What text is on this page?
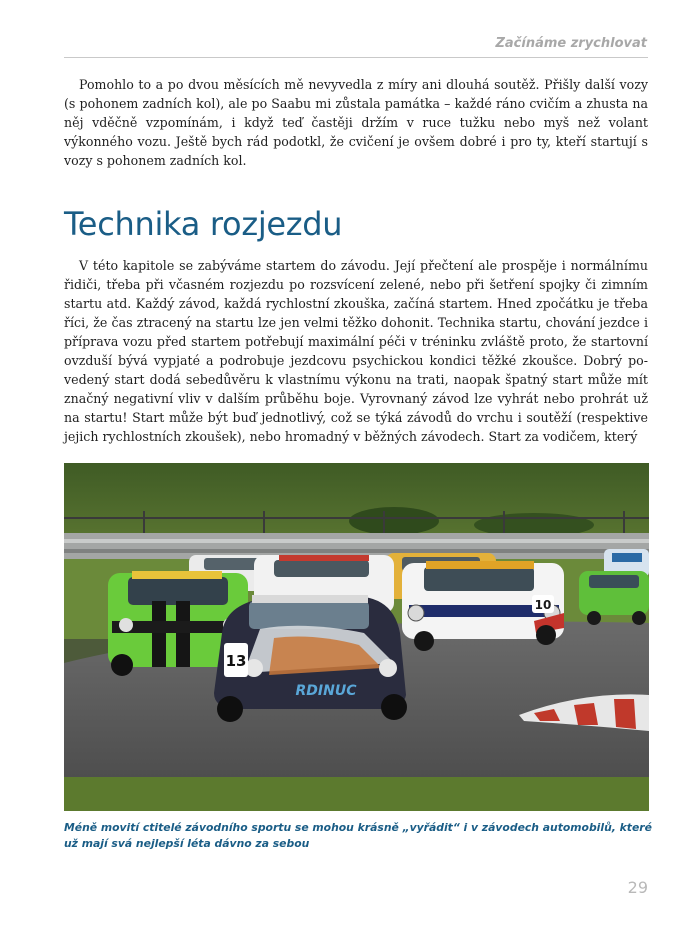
Začínáme zrychlovat

Pomohlo to a po dvou měsících mě nevyvedla z míry ani dlouhá soutěž. Přišly další vozy (s pohonem zadních kol), ale po Saabu mi zůstala památka – každé ráno cvičím a zhusta na něj vděčně vzpomínám, i když teď častěji držím v ruce tužku nebo myš než volant výkonného vozu. Ještě bych rád podotkl, že cvičení je ovšem dobré i pro ty, kteří startují s vozy s pohonem zadních kol.

Technika rozjezdu

V této kapitole se zabýváme startem do závodu. Její přečtení ale prospěje i normálnímu řidiči, třeba při včasném rozjezdu po rozsvícení zelené, nebo při šetření spojky či zimním startu atd. Každý závod, každá rychlostní zkouška, začíná startem. Hned zpočátku je třeba říci, že čas ztracený na startu lze jen velmi těžko dohonit. Technika startu, chování jezdce i příprava vozu před startem potřebují maximální péči v tréninku zvláště proto, že startovní ovzduší bývá vypjaté a podrobuje jezdcovu psychickou kondici těžké zkoušce. Dobrý povedený start dodá sebedůvěru k vlastnímu výkonu na trati, naopak špatný start může mít značný negativní vliv v dalším průběhu boje. Vyrovnaný závod lze vyhrát nebo prohrát už na startu! Start může být buď jednotlivý, což se týká závodů do vrchu i soutěží (respektive jejich rychlostních zkoušek), nebo hromadný v běžných závodech. Start za vodičem, který

10
13
RDINUC

Méně movití ctitelé závodního sportu se mohou krásně „vyřádit“ i v závodech automobilů, které už mají svá nejlepší léta dávno za sebou

29
